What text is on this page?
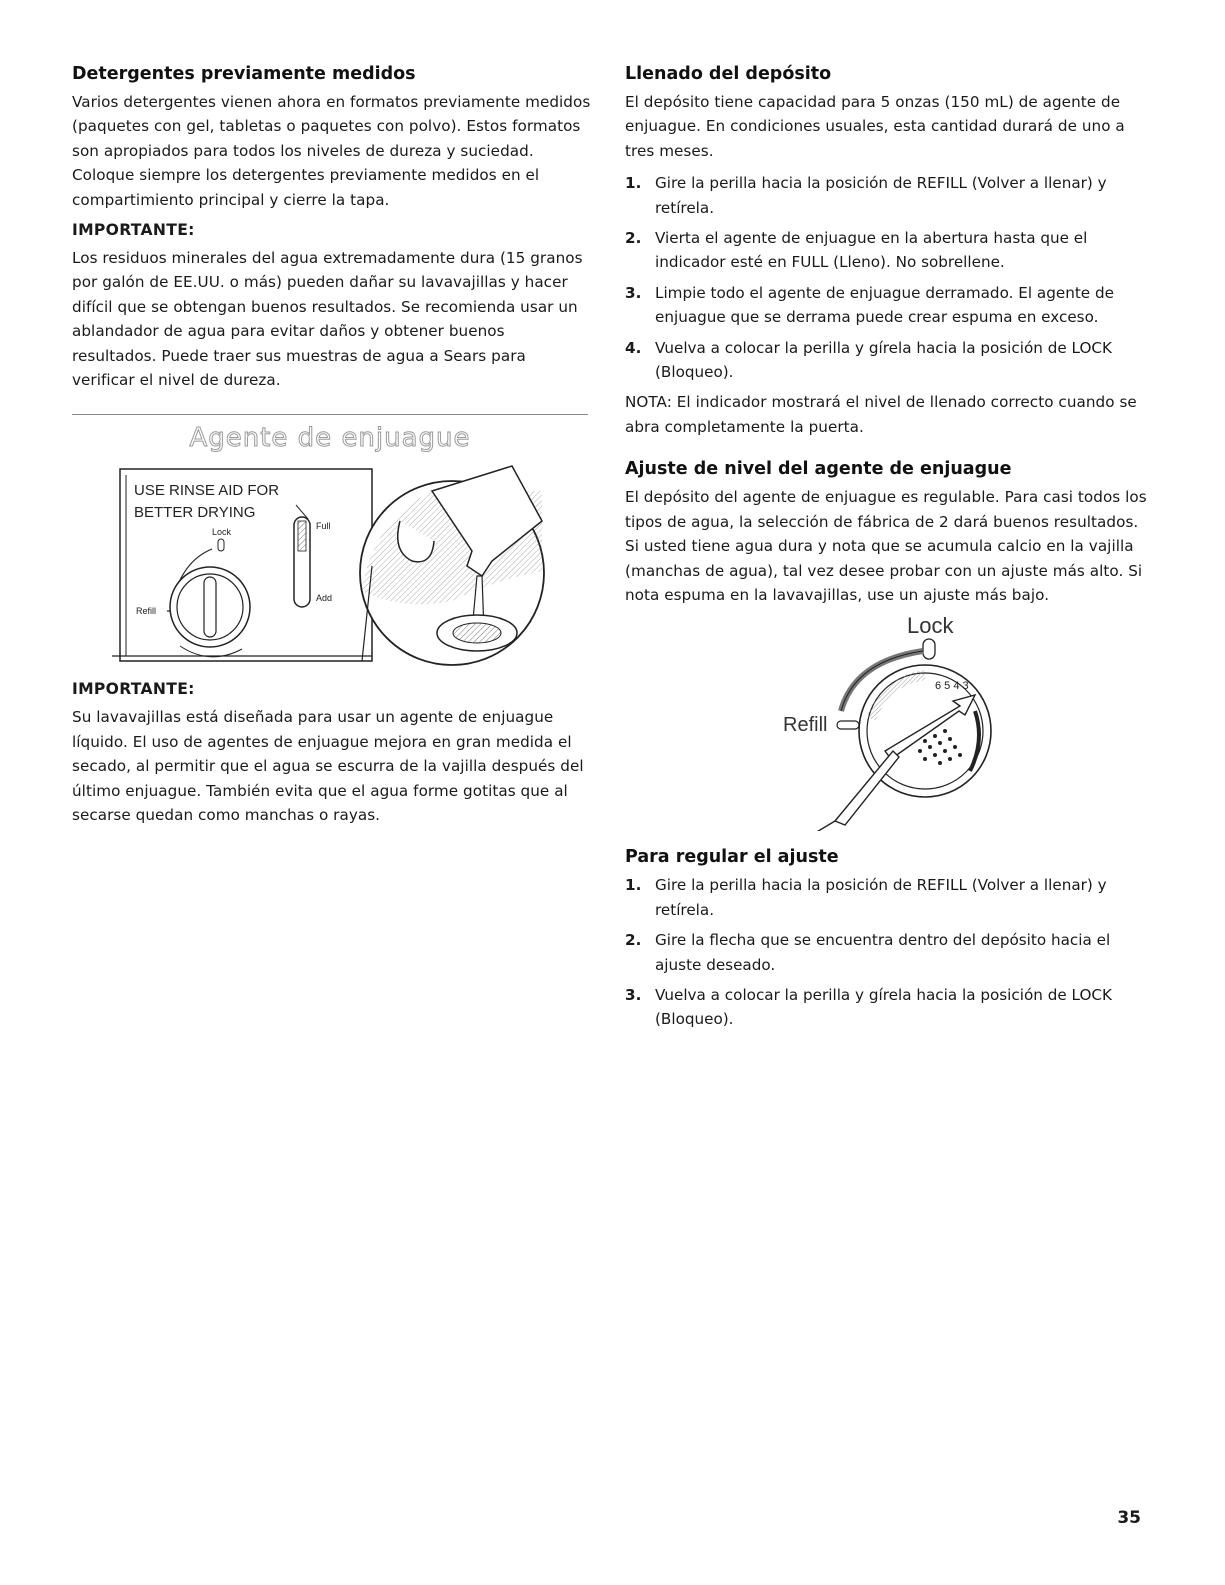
Detergentes previamente medidos

Varios detergentes vienen ahora en formatos previamente medidos (paquetes con gel, tabletas o paquetes con polvo). Estos formatos son apropiados para todos los niveles de dureza y suciedad. Coloque siempre los detergentes previamente medidos en el compartimiento principal y cierre la tapa.

IMPORTANTE:

Los residuos minerales del agua extremadamente dura (15 granos por galón de EE.UU. o más) pueden dañar su lavavajillas y hacer difícil que se obtengan buenos resultados. Se recomienda usar un ablandador de agua para evitar daños y obtener buenos resultados. Puede traer sus muestras de agua a Sears para verificar el nivel de dureza.

Agente de enjuague
USE RINSE AID FOR
BETTER DRYING
Lock
Refill
Full
Add
IMPORTANTE:

Su lavavajillas está diseñada para usar un agente de enjuague líquido. El uso de agentes de enjuague mejora en gran medida el secado, al permitir que el agua se escurra de la vajilla después del último enjuague. También evita que el agua forme gotitas que al secarse quedan como manchas o rayas.

Llenado del depósito

El depósito tiene capacidad para 5 onzas (150 mL) de agente de enjuague. En condiciones usuales, esta cantidad durará de uno a tres meses.

1. Gire la perilla hacia la posición de REFILL (Volver a llenar) y retírela.
2. Vierta el agente de enjuague en la abertura hasta que el indicador esté en FULL (Lleno). No sobrellene.
3. Limpie todo el agente de enjuague derramado. El agente de enjuague que se derrama puede crear espuma en exceso.
4. Vuelva a colocar la perilla y gírela hacia la posición de LOCK (Bloqueo).

NOTA: El indicador mostrará el nivel de llenado correcto cuando se abra completamente la puerta.

Ajuste de nivel del agente de enjuague

El depósito del agente de enjuague es regulable. Para casi todos los tipos de agua, la selección de fábrica de 2 dará buenos resultados. Si usted tiene agua dura y nota que se acumula calcio en la vajilla (manchas de agua), tal vez desee probar con un ajuste más alto. Si nota espuma en la lavavajillas, use un ajuste más bajo.

Lock
Refill
6 5 4 3
Para regular el ajuste
1. Gire la perilla hacia la posición de REFILL (Volver a llenar) y retírela.
2. Gire la flecha que se encuentra dentro del depósito hacia el ajuste deseado.
3. Vuelva a colocar la perilla y gírela hacia la posición de LOCK (Bloqueo).
35
